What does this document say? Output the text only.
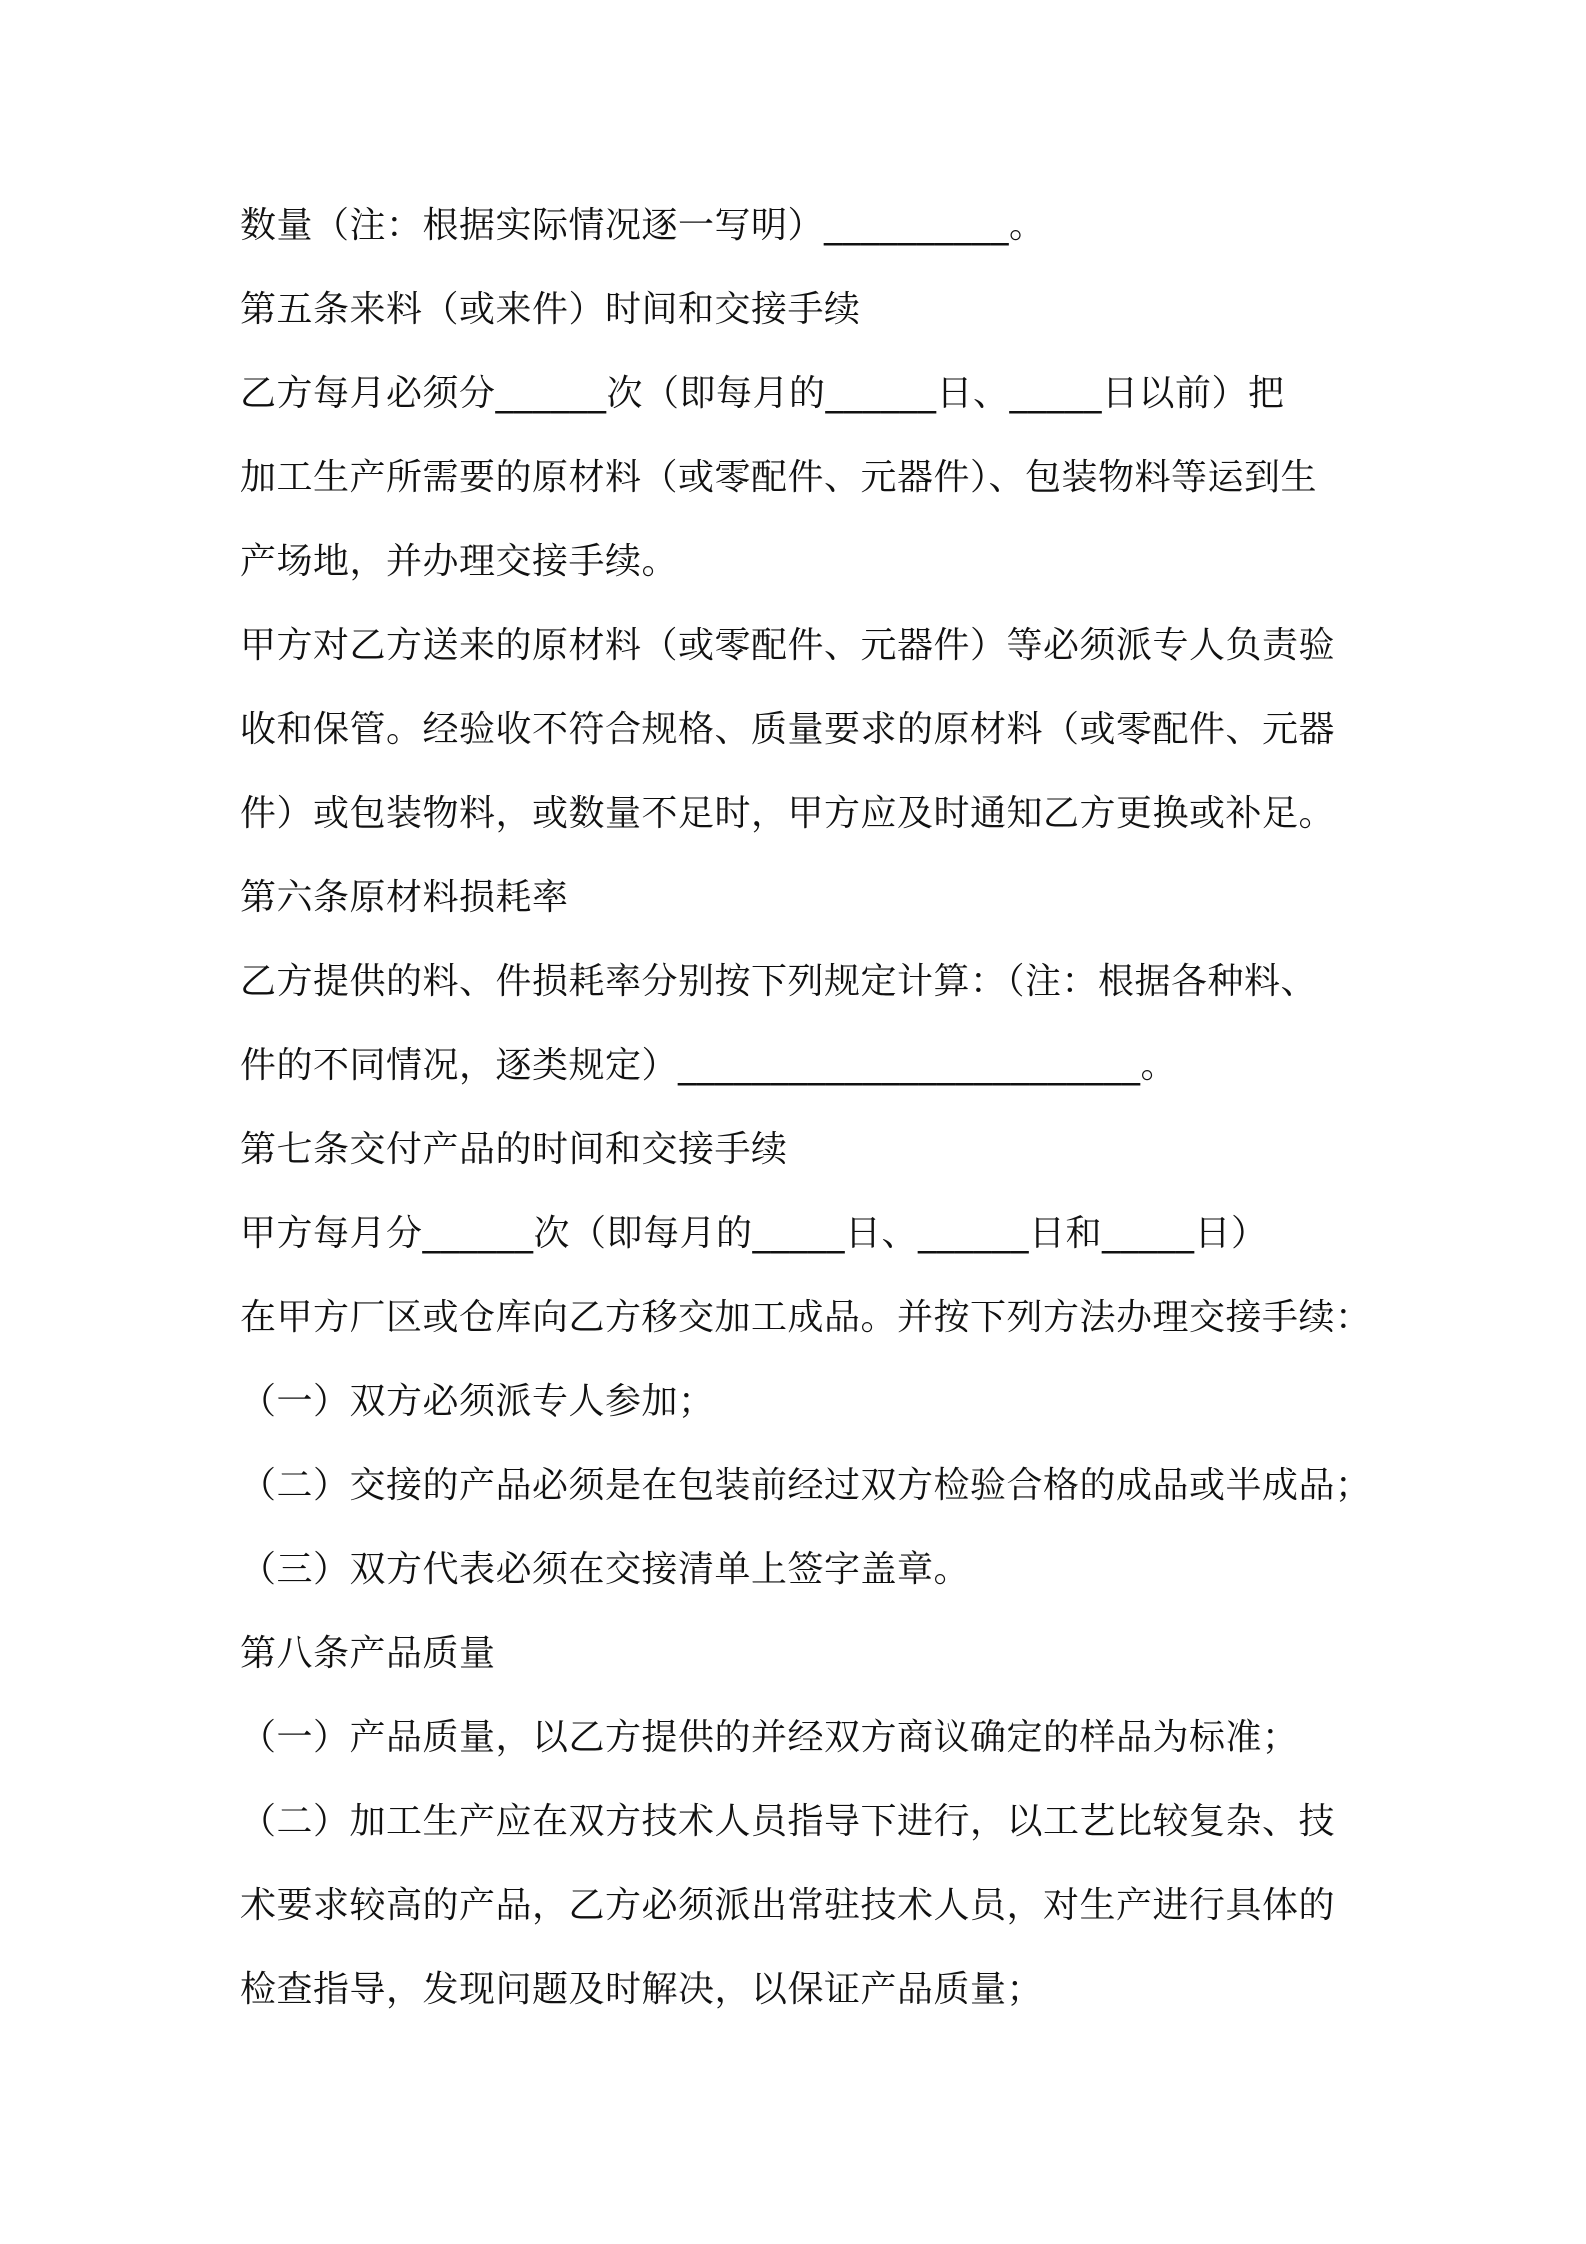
数量（注：根据实际情况逐一写明）__________。
第五条来料（或来件）时间和交接手续
乙方每月必须分______次（即每月的______日、_____日以前）把
加工生产所需要的原材料（或零配件、元器件）、包装物料等运到生
产场地，并办理交接手续。
甲方对乙方送来的原材料（或零配件、元器件）等必须派专人负责验
收和保管。经验收不符合规格、质量要求的原材料（或零配件、元器
件）或包装物料，或数量不足时，甲方应及时通知乙方更换或补足。
第六条原材料损耗率
乙方提供的料、件损耗率分别按下列规定计算：（注：根据各种料、
件的不同情况，逐类规定）_________________________。
第七条交付产品的时间和交接手续
甲方每月分______次（即每月的_____日、______日和_____日）
在甲方厂区或仓库向乙方移交加工成品。并按下列方法办理交接手续：
（一）双方必须派专人参加；
（二）交接的产品必须是在包装前经过双方检验合格的成品或半成品；
（三）双方代表必须在交接清单上签字盖章。
第八条产品质量
（一）产品质量，以乙方提供的并经双方商议确定的样品为标准；
（二）加工生产应在双方技术人员指导下进行，以工艺比较复杂、技
术要求较高的产品，乙方必须派出常驻技术人员，对生产进行具体的
检查指导，发现问题及时解决，以保证产品质量；
